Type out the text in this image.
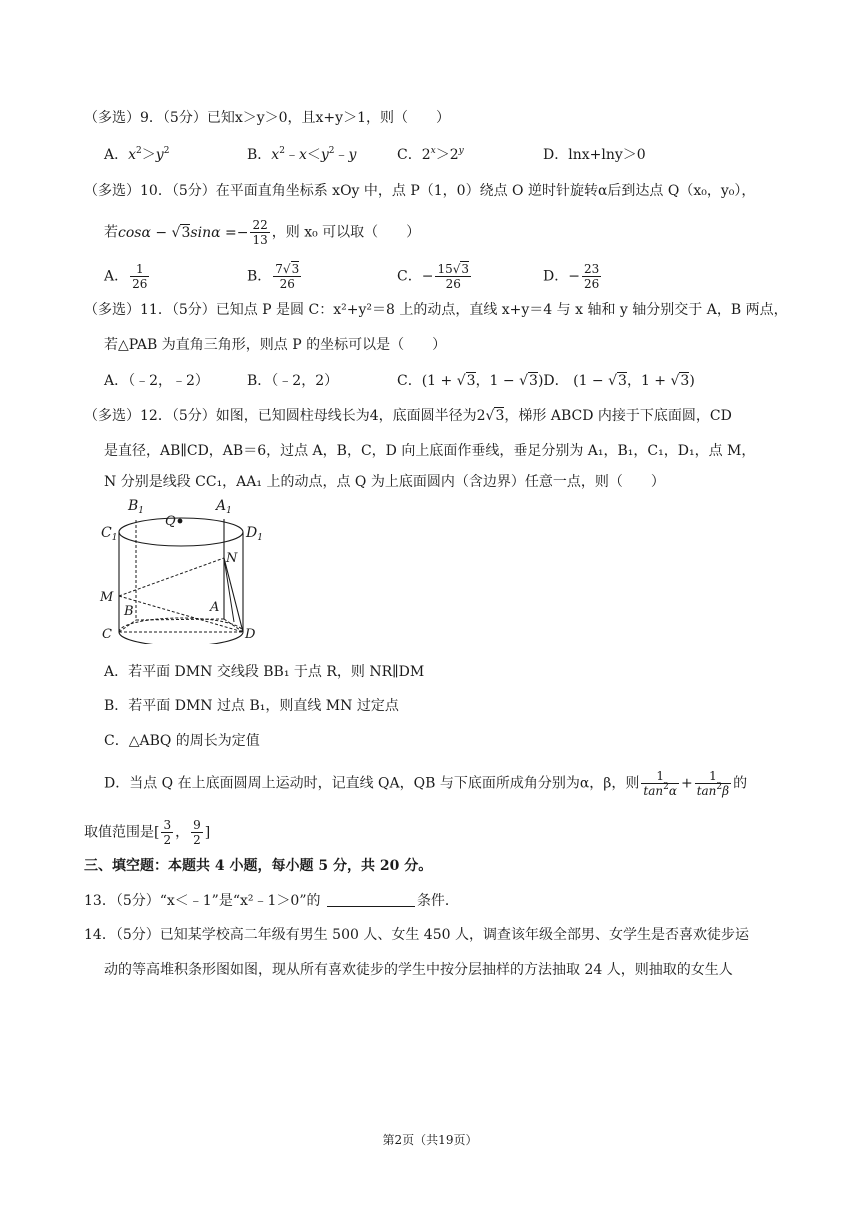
（多选）9．（5分）已知x＞y＞0，且x+y＞1，则（　　）
A．$x^2>y^2$	B．$x^2﹣x<y^2﹣y$	C．$2^x>2^y$	D．lnx+lny＞0
（多选）10．（5分）在平面直角坐标系 xOy 中，点 P（1，0）绕点 O 逆时针旋转α后到达点 Q（x₀，y₀），
若$\cos\alpha - √3\sin\alpha =- \frac{22}{13}$ ，则 x₀ 可以取（　　）
A． $\frac{1}{26}$	B． $\frac{7√3}{26}$	C．− $\frac{15√3}{26}$	D．− $\frac{23}{26}$
（多选）11．（5分）已知点 P 是圆 C：x²+y²＝8 上的动点，直线 x+y＝4 与 x 轴和 y 轴分别交于 A，B 两点，
若△PAB 为直角三角形，则点 P 的坐标可以是（　　）
A．（﹣2，﹣2）	B．（﹣2，2）	C．(1 + √3，1 − √3)D． (1 − √3，1 + √3)
（多选）12．（5分）如图，已知圆柱母线长为4，底面圆半径为2√3，梯形 ABCD 内接于下底面圆，CD
是直径，AB∥CD，AB＝6，过点 A，B，C，D 向上底面作垂线，垂足分别为 A₁，B₁，C₁，D₁，点 M，
N 分别是线段 CC₁，AA₁ 上的动点，点 Q 为上底面圆内（含边界）任意一点，则（　　）
$B_1$	$A_1$
$C_1$	$D_1$
Q
N
M
B	A
C	D
A．若平面 DMN 交线段 BB₁ 于点 R，则 NR∥DM
B．若平面 DMN 过点 B₁，则直线 MN 过定点
C．△ABQ 的周长为定值
D．当点 Q 在上底面圆周上运动时，记直线 QA，QB 与下底面所成角分别为α，β，则 $\frac{1}{\tan^2\alpha} + \frac{1}{\tan^2\beta}$ 的
取值范围是[ $\frac{3}{2}$ ， $\frac{9}{2}$ ]
三、填空题：本题共 4 小题，每小题 5 分，共 20 分。
13．（5分）“x＜﹣1”是“x²﹣1＞0”的	条件．
14．（5分）已知某学校高二年级有男生 500 人、女生 450 人，调查该年级全部男、女学生是否喜欢徒步运
动的等高堆积条形图如图，现从所有喜欢徒步的学生中按分层抽样的方法抽取 24 人，则抽取的女生人
第2页（共19页）
